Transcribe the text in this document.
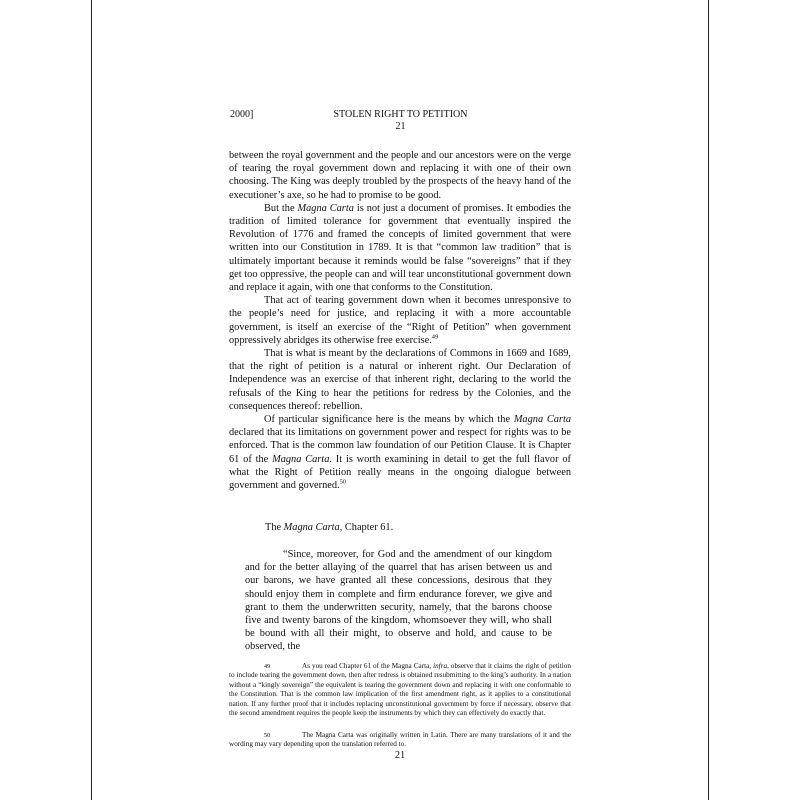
2000]	STOLEN RIGHT TO PETITION
21

between the royal government and the people and our ancestors were on the verge of tearing the royal government down and replacing it with one of their own choosing. The King was deeply troubled by the prospects of the heavy hand of the executioner’s axe, so he had to promise to be good.

But the Magna Carta is not just a document of promises. It embodies the tradition of limited tolerance for government that eventually inspired the Revolution of 1776 and framed the concepts of limited government that were written into our Constitution in 1789. It is that “common law tradition” that is ultimately important because it reminds would be false “sovereigns” that if they get too oppressive, the people can and will tear unconstitutional government down and replace it again, with one that conforms to the Constitution.

That act of tearing government down when it becomes unresponsive to the people’s need for justice, and replacing it with a more accountable government, is itself an exercise of the “Right of Petition” when government oppressively abridges its otherwise free exercise.$^{49}$

That is what is meant by the declarations of Commons in 1669 and 1689, that the right of petition is a natural or inherent right. Our Declaration of Independence was an exercise of that inherent right, declaring to the world the refusals of the King to hear the petitions for redress by the Colonies, and the consequences thereof: rebellion.

Of particular significance here is the means by which the Magna Carta declared that its limitations on government power and respect for rights was to be enforced. That is the common law foundation of our Petition Clause. It is Chapter 61 of the Magna Carta. It is worth examining in detail to get the full flavor of what the Right of Petition really means in the ongoing dialogue between government and governed.$^{50}$

The Magna Carta, Chapter 61.

“Since, moreover, for God and the amendment of our kingdom and for the better allaying of the quarrel that has arisen between us and our barons, we have granted all these concessions, desirous that they should enjoy them in complete and firm endurance forever, we give and grant to them the underwritten security, namely, that the barons choose five and twenty barons of the kingdom, whomsoever they will, who shall be bound with all their might, to observe and hold, and cause to be observed, the

49	As you read Chapter 61 of the Magna Carta, infra, observe that it claims the right of petition to include tearing the government down, then after redress is obtained resubmitting to the king’s authority. In a nation without a “kingly sovereign” the equivalent is tearing the government down and replacing it with one conformable to the Constitution. That is the common law implication of the first amendment right, as it applies to a constitutional nation. If any further proof that it includes replacing unconstitutional government by force if necessary, observe that the second amendment requires the people keep the instruments by which they can effectively do exactly that.
50	The Magna Carta was originally written in Latin. There are many translations of it and the wording may vary depending upon the translation referred to.
21
